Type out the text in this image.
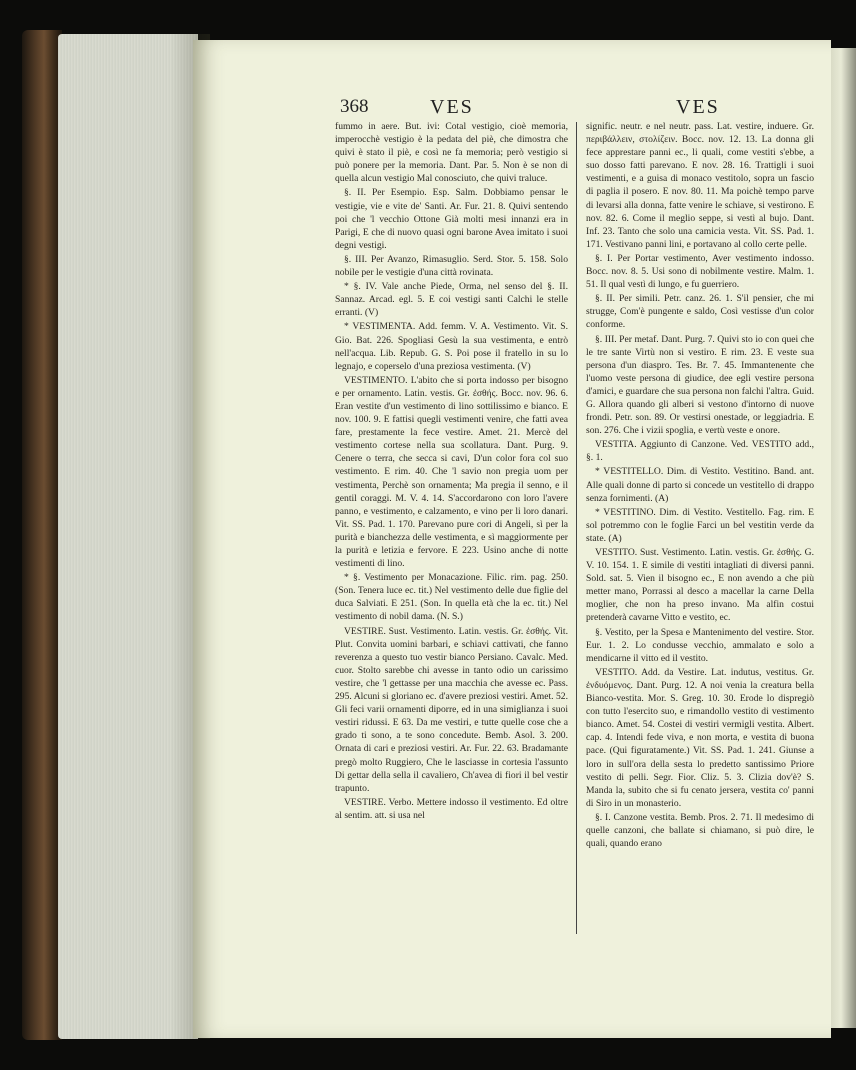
368	VES	VES

fummo in aere. But. ivi: Cotal vestigio, cioè memoria, imperocchè vestigio è la pedata del piè, che dimostra che quivi è stato il piè, e così ne fa memoria; però vestigio si può ponere per la memoria. Dant. Par. 5. Non è se non di quella alcun vestigio Mal conosciuto, che quivi traluce.

§. II. Per Esempio. Esp. Salm. Dobbiamo pensar le vestigie, vie e vite de' Santi. Ar. Fur. 21. 8. Quivi sentendo poi che 'l vecchio Ottone Già molti mesi innanzi era in Parigi, E che di nuovo quasi ogni barone Avea imitato i suoi degni vestigi.

§. III. Per Avanzo, Rimasuglio. Serd. Stor. 5. 158. Solo nobile per le vestigie d'una città rovinata.

* §. IV. Vale anche Piede, Orma, nel senso del §. II. Sannaz. Arcad. egl. 5. E coi vestigi santi Calchi le stelle erranti. (V)

* VESTIMENTA. Add. femm. V. A. Vestimento. Vit. S. Gio. Bat. 226. Spogliasi Gesù la sua vestimenta, e entrò nell'acqua. Lib. Repub. G. S. Poi pose il fratello in su lo legnajo, e coperselo d'una preziosa vestimenta. (V)

VESTIMENTO. L'abito che si porta indosso per bisogno e per ornamento. Latin. vestis. Gr. ἐσθής. Bocc. nov. 96. 6. Eran vestite d'un vestimento di lino sottilissimo e bianco. E nov. 100. 9. E fattisi quegli vestimenti venire, che fatti avea fare, prestamente la fece vestire. Amet. 21. Mercè del vestimento cortese nella sua scollatura. Dant. Purg. 9. Cenere o terra, che secca si cavi, D'un color fora col suo vestimento. E rim. 40. Che 'l savio non pregia uom per vestimenta, Perchè son ornamenta; Ma pregia il senno, e il gentil coraggi. M. V. 4. 14. S'accordarono con loro l'avere panno, e vestimento, e calzamento, e vino per li loro danari. Vit. SS. Pad. 1. 170. Parevano pure cori di Angeli, sì per la purità e bianchezza delle vestimenta, e sì maggiormente per la purità e letizia e fervore. E 223. Usino anche di notte vestimenti di lino.

* §. Vestimento per Monacazione. Filic. rim. pag. 250. (Son. Tenera luce ec. tit.) Nel vestimento delle due figlie del duca Salviati. E 251. (Son. In quella età che la ec. tit.) Nel vestimento di nobil dama. (N. S.)

VESTIRE. Sust. Vestimento. Latin. vestis. Gr. ἐσθής. Vit. Plut. Convita uomini barbari, e schiavi cattivati, che fanno reverenza a questo tuo vestir bianco Persiano. Cavalc. Med. cuor. Stolto sarebbe chi avesse in tanto odio un carissimo vestire, che 'l gettasse per una macchia che avesse ec. Pass. 295. Alcuni si gloriano ec. d'avere preziosi vestiri. Amet. 52. Gli feci varii ornamenti diporre, ed in una simiglianza i suoi vestiri ridussi. E 63. Da me vestiri, e tutte quelle cose che a grado ti sono, a te sono concedute. Bemb. Asol. 3. 200. Ornata di cari e preziosi vestiri. Ar. Fur. 22. 63. Bradamante pregò molto Ruggiero, Che le lasciasse in cortesia l'assunto Di gettar della sella il cavaliero, Ch'avea di fiori il bel vestir trapunto.

VESTIRE. Verbo. Mettere indosso il vestimento. Ed oltre al sentim. att. si usa nel

signific. neutr. e nel neutr. pass. Lat. vestire, induere. Gr. περιβάλλειν, στολίζειν. Bocc. nov. 12. 13. La donna gli fece apprestare panni ec., li quali, come vestiti s'ebbe, a suo dosso fatti parevano. E nov. 28. 16. Trattigli i suoi vestimenti, e a guisa di monaco vestitolo, sopra un fascio di paglia il posero. E nov. 80. 11. Ma poichè tempo parve di levarsi alla donna, fatte venire le schiave, si vestirono. E nov. 82. 6. Come il meglio seppe, si vestì al bujo. Dant. Inf. 23. Tanto che solo una camicia vesta. Vit. SS. Pad. 1. 171. Vestivano panni lini, e portavano al collo certe pelle.

§. I. Per Portar vestimento, Aver vestimento indosso. Bocc. nov. 8. 5. Usi sono di nobilmente vestire. Malm. 1. 51. Il qual vestì di lungo, e fu guerriero.

§. II. Per simili. Petr. canz. 26. 1. S'il pensier, che mi strugge, Com'è pungente e saldo, Così vestisse d'un color conforme.

§. III. Per metaf. Dant. Purg. 7. Quivi sto io con quei che le tre sante Virtù non si vestiro. E rim. 23. E veste sua persona d'un diaspro. Tes. Br. 7. 45. Immantenente che l'uomo veste persona di giudice, dee egli vestire persona d'amici, e guardare che sua persona non falchi l'altra. Guid. G. Allora quando gli alberi si vestono d'intorno di nuove frondi. Petr. son. 89. Or vestirsi onestade, or leggiadria. E son. 276. Che i vizii spoglia, e vertù veste e onore.

VESTITA. Aggiunto di Canzone. Ved. VESTITO add., §. 1.

* VESTITELLO. Dim. di Vestito. Vestitino. Band. ant. Alle quali donne di parto si concede un vestitello di drappo senza fornimenti. (A)

* VESTITINO. Dim. di Vestito. Vestitello. Fag. rim. E sol potremmo con le foglie Farci un bel vestitin verde da state. (A)

VESTITO. Sust. Vestimento. Latin. vestis. Gr. ἐσθής. G. V. 10. 154. 1. E simile di vestiti intagliati di diversi panni. Sold. sat. 5. Vien il bisogno ec., E non avendo a che più metter mano, Porrassi al desco a macellar la carne Della moglier, che non ha preso invano. Ma alfin costui pretenderà cavarne Vitto e vestito, ec.

§. Vestito, per la Spesa e Mantenimento del vestire. Stor. Eur. 1. 2. Lo condusse vecchio, ammalato e solo a mendicarne il vitto ed il vestito.

VESTITO. Add. da Vestire. Lat. indutus, vestitus. Gr. ἐνδυόμενος. Dant. Purg. 12. A noi venia la creatura bella Bianco-vestita. Mor. S. Greg. 10. 30. Erode lo dispregiò con tutto l'esercito suo, e rimandollo vestito di vestimento bianco. Amet. 54. Costei di vestiri vermigli vestita. Albert. cap. 4. Intendi fede viva, e non morta, e vestita di buona pace. (Qui figuratamente.) Vit. SS. Pad. 1. 241. Giunse a loro in sull'ora della sesta lo predetto santissimo Priore vestito di pelli. Segr. Fior. Cliz. 5. 3. Clizia dov'è? S. Manda la, subito che si fu cenato jersera, vestita co' panni di Siro in un monasterio.

§. I. Canzone vestita. Bemb. Pros. 2. 71. Il medesimo di quelle canzoni, che ballate si chiamano, si può dire, le quali, quando erano
